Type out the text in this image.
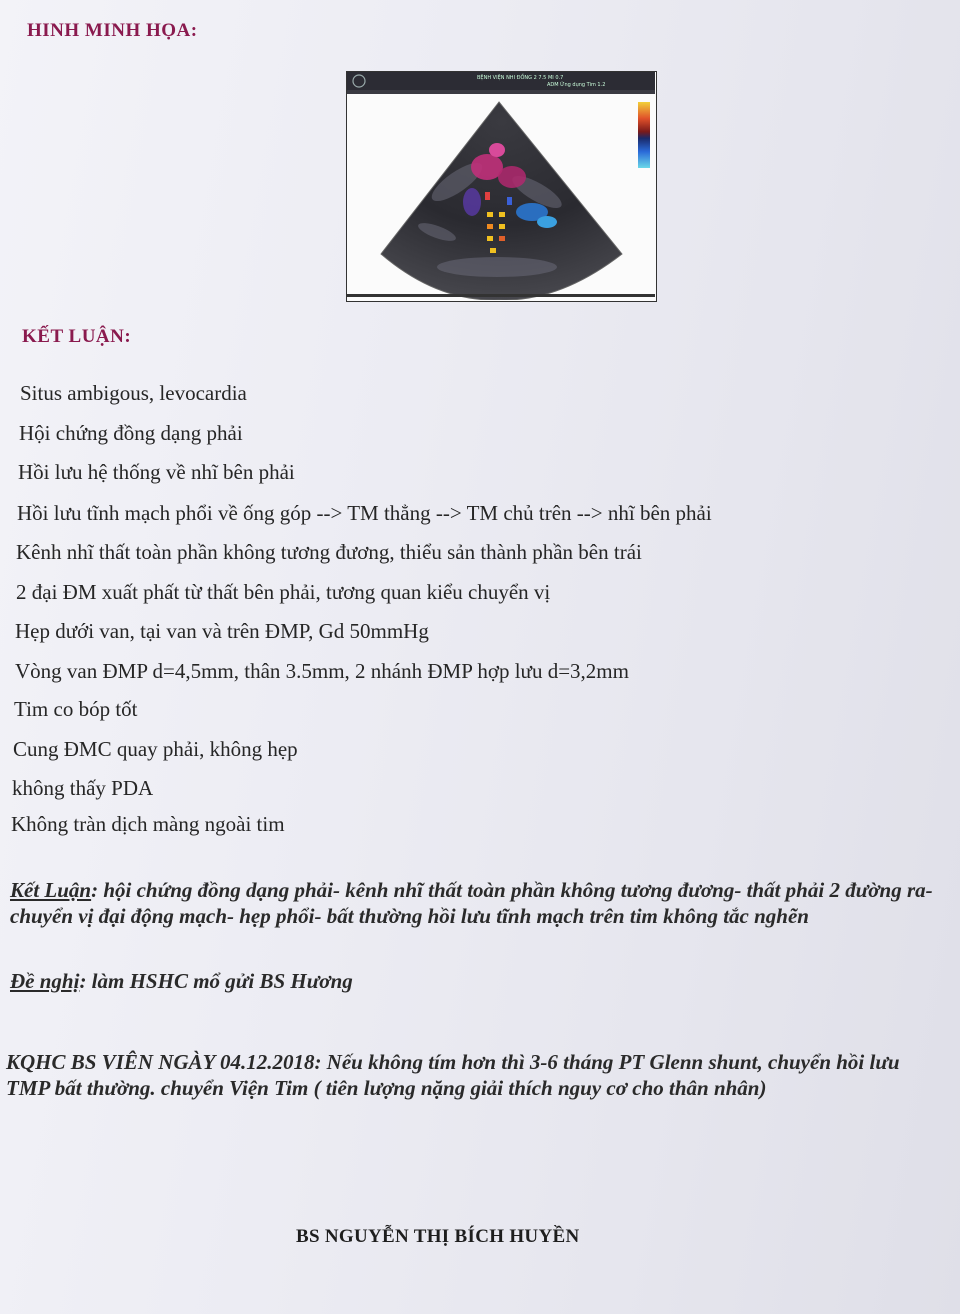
HINH MINH HỌA:
BỆNH VIỆN NHI ĐỒNG 2 7.5 MI 0.7
ADM Ứng dụng Tim 1.2
KẾT LUẬN:
Situs ambigous, levocardia
Hội chứng đồng dạng phải
Hồi lưu hệ thống về nhĩ bên phải
Hồi lưu tĩnh mạch phổi về ống góp --> TM thẳng --> TM chủ trên --> nhĩ bên phải
Kênh nhĩ thất toàn phần không tương đương, thiểu sản thành phần bên trái
2 đại ĐM xuất phất từ thất bên phải, tương quan kiểu chuyển vị
Hẹp dưới van, tại van và trên ĐMP, Gd 50mmHg
Vòng van ĐMP d=4,5mm, thân 3.5mm, 2 nhánh ĐMP hợp lưu d=3,2mm
Tim co bóp tốt
Cung ĐMC quay phải, không hẹp
không thấy PDA
Không tràn dịch màng ngoài tim
Kết Luận: hội chứng đồng dạng phải- kênh nhĩ thất toàn phần không tương đương- thất phải 2 đường ra- chuyển vị đại động mạch- hẹp phổi- bất thường hồi lưu tĩnh mạch trên tim không tắc nghẽn
Đề nghị: làm HSHC mổ gửi BS Hương
KQHC BS VIÊN NGÀY 04.12.2018: Nếu không tím hơn thì 3-6 tháng PT Glenn shunt, chuyển hồi lưu TMP bất thường. chuyển Viện Tim ( tiên lượng nặng giải thích nguy cơ cho thân nhân)
BS NGUYỄN THỊ BÍCH HUYỀN
